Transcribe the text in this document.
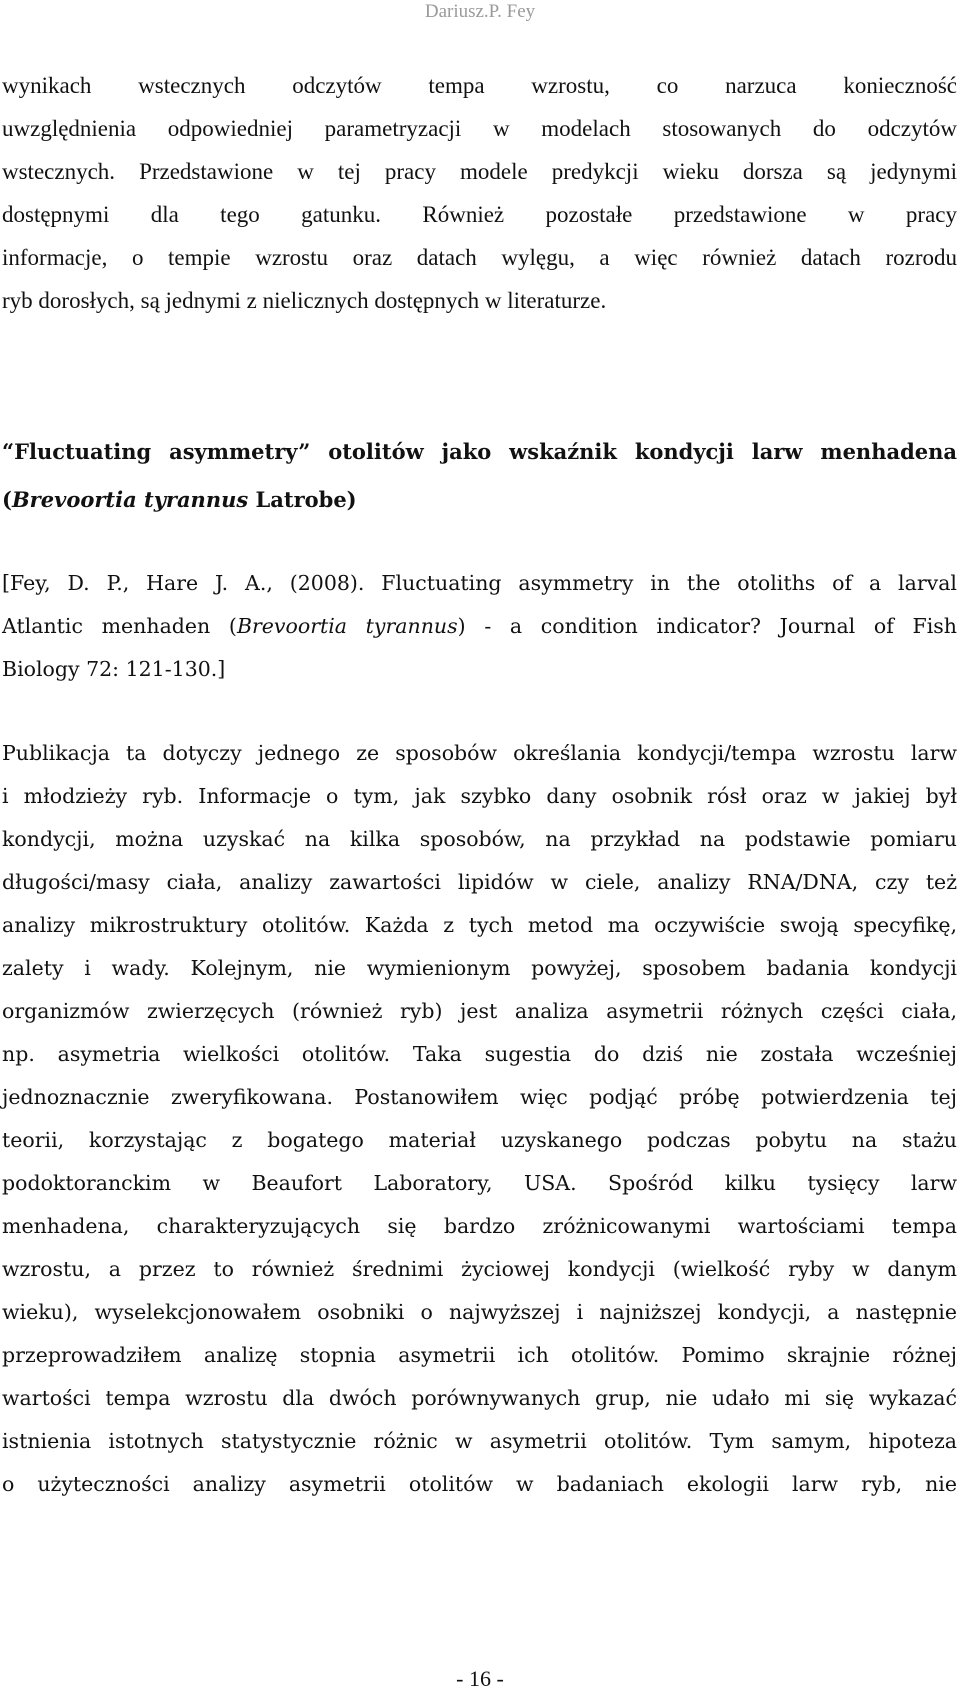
Dariusz.P. Fey
wynikach wstecznych odczytów tempa wzrostu, co narzuca konieczność
uwzględnienia odpowiedniej parametryzacji w modelach stosowanych do odczytów
wstecznych. Przedstawione w tej pracy modele predykcji wieku dorsza są jedynymi
dostępnymi dla tego gatunku. Również pozostałe przedstawione w pracy
informacje, o tempie wzrostu oraz datach wylęgu, a więc również datach rozrodu
ryb dorosłych, są jednymi z nielicznych dostępnych w literaturze.
“Fluctuating asymmetry” otolitów jako wskaźnik kondycji larw menhadena
(Brevoortia tyrannus Latrobe)
[Fey, D. P., Hare J. A., (2008). Fluctuating asymmetry in the otoliths of a larval
Atlantic menhaden (Brevoortia tyrannus) - a condition indicator? Journal of Fish
Biology 72: 121-130.]
Publikacja ta dotyczy jednego ze sposobów określania kondycji/tempa wzrostu larw
i młodzieży ryb. Informacje o tym, jak szybko dany osobnik rósł oraz w jakiej był
kondycji, można uzyskać na kilka sposobów, na przykład na podstawie pomiaru
długości/masy ciała, analizy zawartości lipidów w ciele, analizy RNA/DNA, czy też
analizy mikrostruktury otolitów. Każda z tych metod ma oczywiście swoją specyfikę,
zalety i wady. Kolejnym, nie wymienionym powyżej, sposobem badania kondycji
organizmów zwierzęcych (również ryb) jest analiza asymetrii różnych części ciała,
np. asymetria wielkości otolitów. Taka sugestia do dziś nie została wcześniej
jednoznacznie zweryfikowana. Postanowiłem więc podjąć próbę potwierdzenia tej
teorii, korzystając z bogatego materiał uzyskanego podczas pobytu na stażu
podoktoranckim w Beaufort Laboratory, USA. Spośród kilku tysięcy larw
menhadena, charakteryzujących się bardzo zróżnicowanymi wartościami tempa
wzrostu, a przez to również średnimi życiowej kondycji (wielkość ryby w danym
wieku), wyselekcjonowałem osobniki o najwyższej i najniższej kondycji, a następnie
przeprowadziłem analizę stopnia asymetrii ich otolitów. Pomimo skrajnie różnej
wartości tempa wzrostu dla dwóch porównywanych grup, nie udało mi się wykazać
istnienia istotnych statystycznie różnic w asymetrii otolitów. Tym samym, hipoteza
o użyteczności analizy asymetrii otolitów w badaniach ekologii larw ryb, nie
- 16 -
